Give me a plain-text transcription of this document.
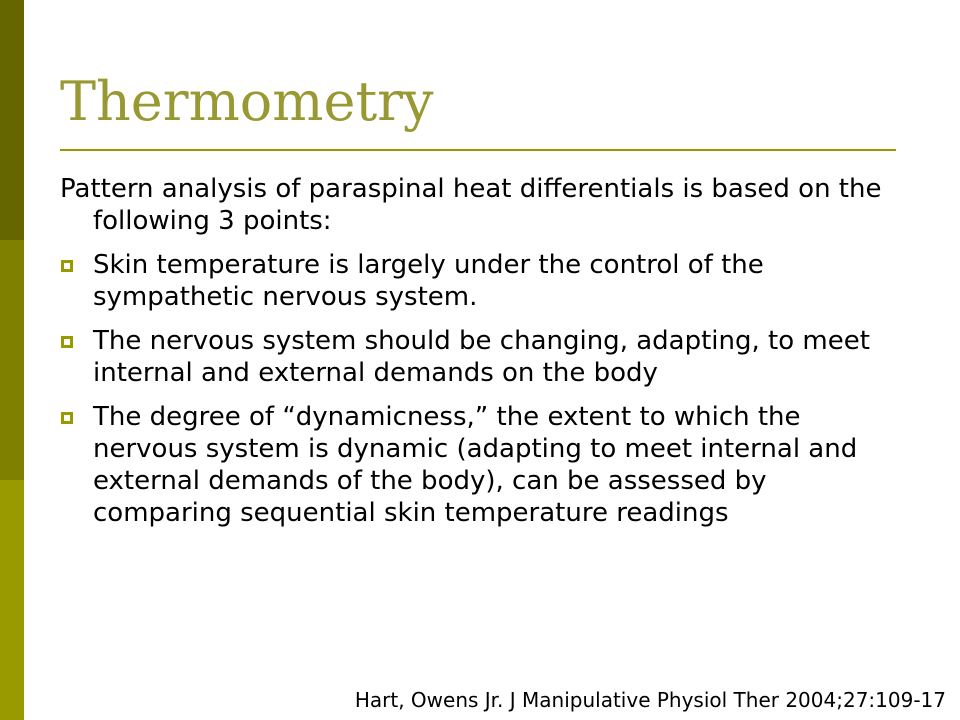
Thermometry

Pattern analysis of paraspinal heat differentials is based on the following 3 points:

Skin temperature is largely under the control of the sympathetic nervous system.
The nervous system should be changing, adapting, to meet internal and external demands on the body
The degree of “dynamicness,” the extent to which the nervous system is dynamic (adapting to meet internal and external demands of the body), can be assessed by comparing sequential skin temperature readings

Hart, Owens Jr. J Manipulative Physiol Ther 2004;27:109-17
